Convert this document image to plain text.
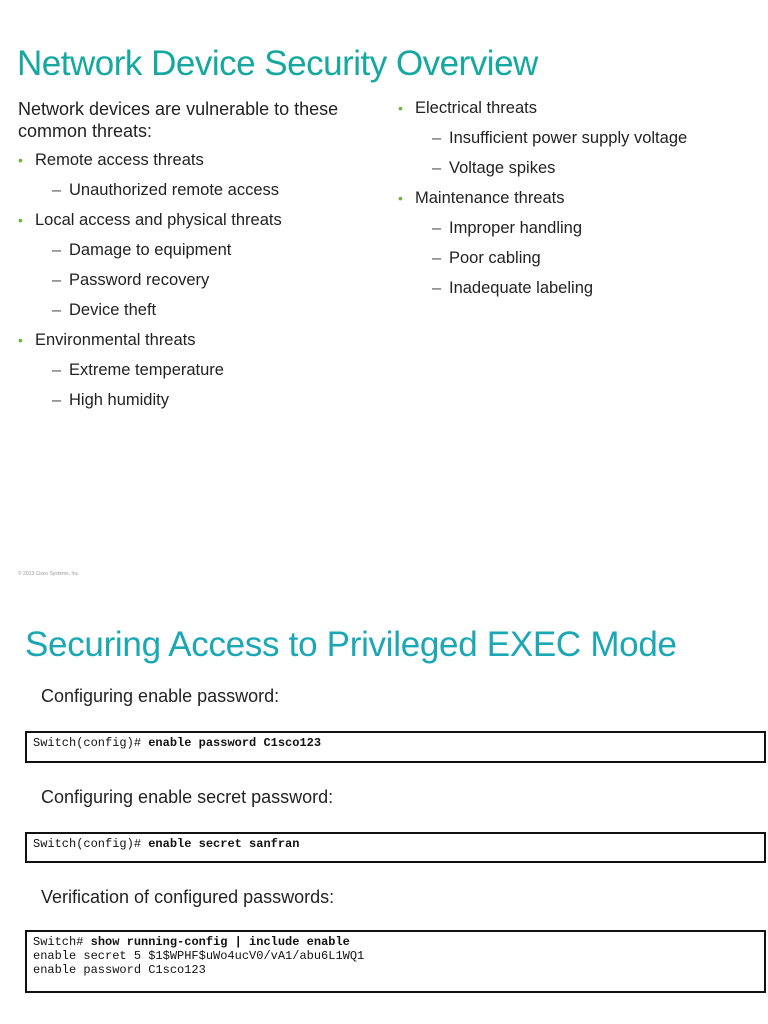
Network Device Security Overview
Network devices are vulnerable to these
common threats:
• Remote access threats
– Unauthorized remote access
• Local access and physical threats
– Damage to equipment
– Password recovery
– Device theft
• Environmental threats
– Extreme temperature
– High humidity
• Electrical threats
– Insufficient power supply voltage
– Voltage spikes
• Maintenance threats
– Improper handling
– Poor cabling
– Inadequate labeling
© 2013 Cisco Systems, Inc.
Securing Access to Privileged EXEC Mode
Configuring enable password:
Switch(config)# enable password C1sco123
Configuring enable secret password:
Switch(config)# enable secret sanfran
Verification of configured passwords:
Switch# show running-config | include enable
enable secret 5 $1$WPHF$uWo4ucV0/vA1/abu6L1WQ1
enable password C1sco123
